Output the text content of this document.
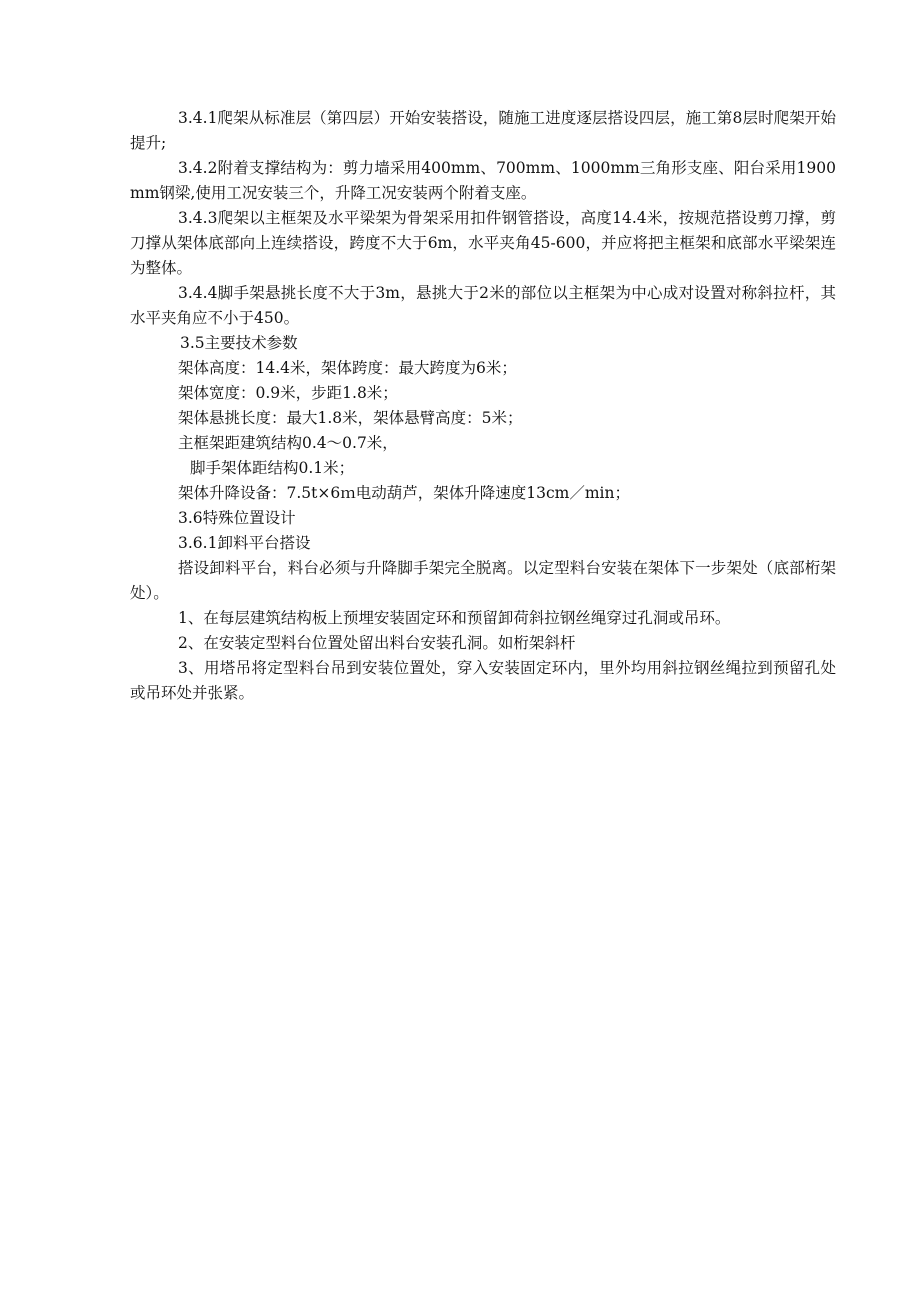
3.4.1爬架从标准层（第四层）开始安装搭设，随施工进度逐层搭设四层，施工第8层时爬架开始提升;

3.4.2附着支撑结构为：剪力墙采用400mm、700mm、1000mm三角形支座、阳台采用1900 mm钢梁,使用工况安装三个，升降工况安装两个附着支座。

3.4.3爬架以主框架及水平梁架为骨架采用扣件钢管搭设，高度14.4米，按规范搭设剪刀撑，剪刀撑从架体底部向上连续搭设，跨度不大于6m，水平夹角45-600，并应将把主框架和底部水平梁架连为整体。

3.4.4脚手架悬挑长度不大于3m，悬挑大于2米的部位以主框架为中心成对设置对称斜拉杆，其水平夹角应不小于450。

3.5主要技术参数
架体高度：14.4米，架体跨度：最大跨度为6米；
架体宽度：0.9米，步距1.8米；
架体悬挑长度：最大1.8米，架体悬臂高度：5米；
主框架距建筑结构0.4～0.7米，
脚手架体距结构0.1米；
架体升降设备：7.5t×6ｍ电动葫芦，架体升降速度13cm／min；
3.6特殊位置设计
3.6.1卸料平台搭设

搭设卸料平台，料台必须与升降脚手架完全脱离。以定型料台安装在架体下一步架处（底部桁架处）。

1、在每层建筑结构板上预埋安装固定环和预留卸荷斜拉钢丝绳穿过孔洞或吊环。

2、在安装定型料台位置处留出料台安装孔洞。如桁架斜杆

3、用塔吊将定型料台吊到安装位置处，穿入安装固定环内，里外均用斜拉钢丝绳拉到预留孔处或吊环处并张紧。
